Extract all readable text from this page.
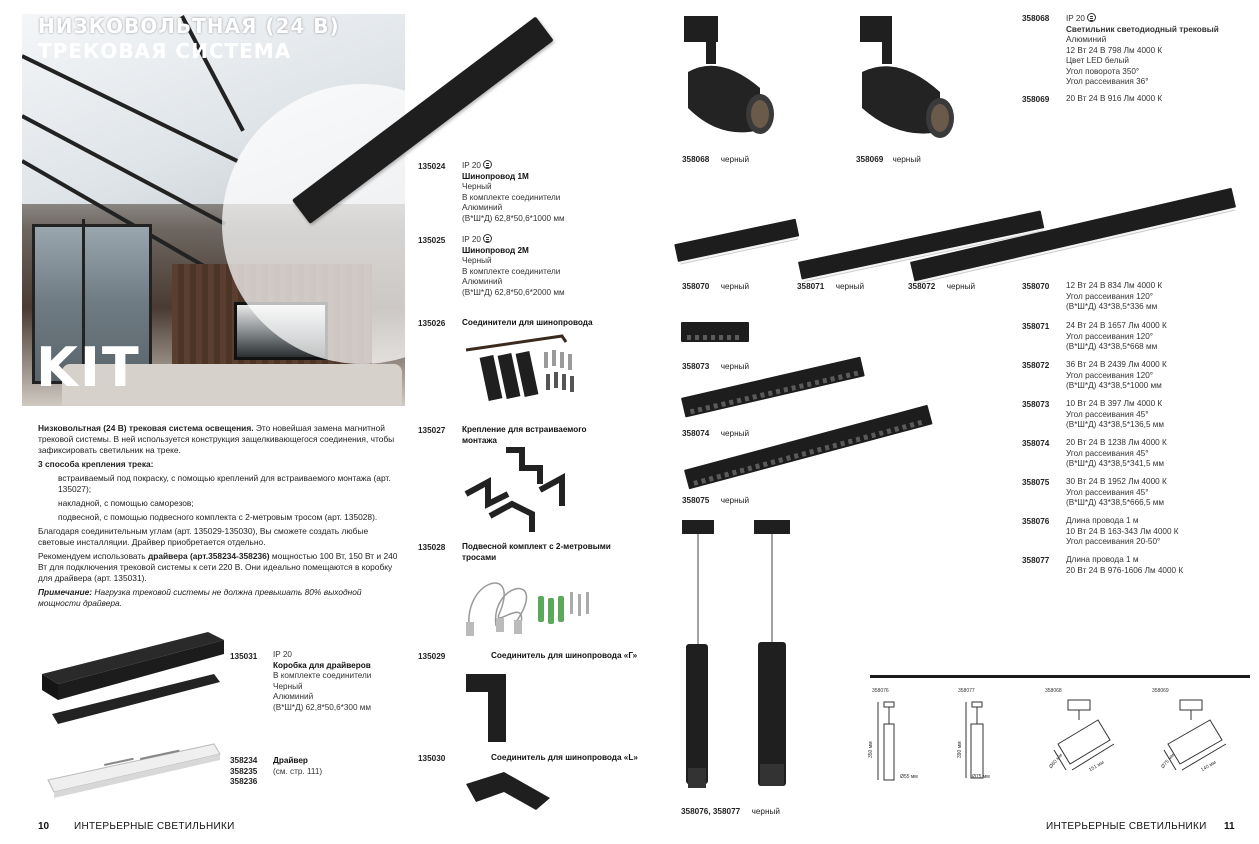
KIT
НИЗКОВОЛЬТНАЯ (24 В)
ТРЕКОВАЯ СИСТЕМА

Низковольтная (24 В) трековая система освещения. Это новейшая замена магнитной трековой системы. В ней используется конструкция защелкивающегося соединения, чтобы зафиксировать светильник на треке.

3 способа крепления трека:

встраиваемый под покраску, с помощью креплений для встраиваемого монтажа (арт. 135027);

накладной, с помощью саморезов;

подвесной, с помощью подвесного комплекта с 2-метровым тросом (арт. 135028).

Благодаря соединительным углам (арт. 135029-135030), Вы сможете создать любые световые инсталляции. Драйвер приобретается отдельно.

Рекомендуем использовать драйвера (арт.358234-358236) мощностью 100 Вт, 150 Вт и 240 Вт для подключения трековой системы к сети 220 В. Они идеально помещаются в коробку для драйвера (арт. 135031).

Примечание: Нагрузка трековой системы не должна превышать 80% выходной мощности драйвера.

135024 IP 20
Шинопровод 1М
Черный
В комплекте соединители
Алюминий
(В*Ш*Д) 62,8*50,6*1000 мм
135025 IP 20
Шинопровод 2М
Черный
В комплекте соединители
Алюминий
(В*Ш*Д) 62,8*50,6*2000 мм
135026 Соединители для шинопровода
135027 Крепление для встраиваемого
монтажа
135028 Подвесной комплект с 2-метровыми
тросами
135029	Соединитель для шинопровода «Г»
135030	Соединитель для шинопровода «L»
135031 IP 20
Коробка для драйверов
В комплекте соединители
Черный
Алюминий
(В*Ш*Д) 62,8*50,6*300 мм
358234
358235
358236
Драйвер
(см. стр. 111)
10 ИНТЕРЬЕРНЫЕ СВЕТИЛЬНИКИ
358068 черный	358069 черный
358068 IP 20
Светильник светодиодный трековый
Алюминий
12 Вт 24 В 798 Лм 4000 К
Цвет LED белый
Угол поворота 350°
Угол рассеивания 36°
358069 20 Вт 24 В 916 Лм 4000 К
358070 черный	358071 черный	358072 черный
358073 черный
358074 черный
358075 черный
358070 12 Вт 24 В 834 Лм 4000 К
Угол рассеивания 120°
(В*Ш*Д) 43*38,5*336 мм
358071 24 Вт 24 В 1657 Лм 4000 К
Угол рассеивания 120°
(В*Ш*Д) 43*38,5*668 мм
358072 36 Вт 24 В 2439 Лм 4000 К
Угол рассеивания 120°
(В*Ш*Д) 43*38,5*1000 мм
358073 10 Вт 24 В 397 Лм 4000 К
Угол рассеивания 45°
(В*Ш*Д) 43*38,5*136,5 мм
358074 20 Вт 24 В 1238 Лм 4000 К
Угол рассеивания 45°
(В*Ш*Д) 43*38,5*341,5 мм
358075 30 Вт 24 В 1952 Лм 4000 К
Угол рассеивания 45°
(В*Ш*Д) 43*38,5*666,5 мм
358076 Длина провода 1 м
10 Вт 24 В 163-343 Лм 4000 К
Угол рассеивания 20-50°
358077 Длина провода 1 м
20 Вт 24 В 976-1606 Лм 4000 К
358076, 358077 черный
358076	358077	358068	358069
350 мм
Ø55 мм
390 мм
Ø75 мм
Ø60 мм	151 мм	Ø75 мм	140 мм
ИНТЕРЬЕРНЫЕ СВЕТИЛЬНИКИ 11
